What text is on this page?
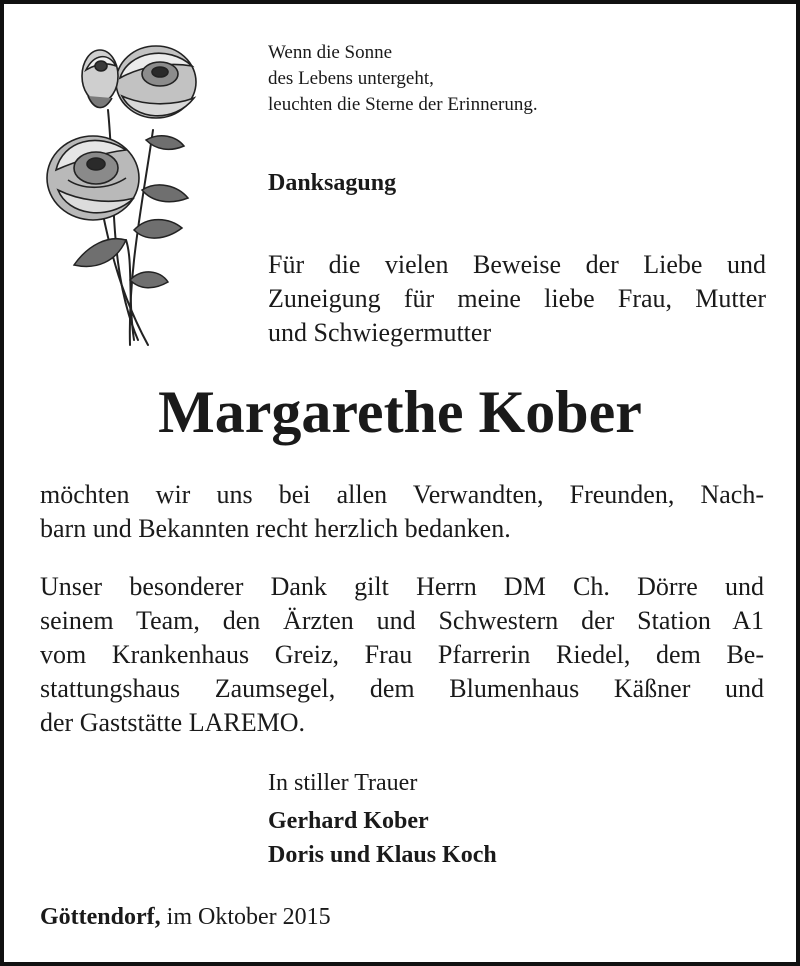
Wenn die Sonne
des Lebens untergeht,
leuchten die Sterne der Erinnerung.
Danksagung
Für die vielen Beweise der Liebe und
Zuneigung für meine liebe Frau, Mutter
und Schwiegermutter
Margarethe Kober
möchten wir uns bei allen Verwandten, Freunden, Nach-
barn und Bekannten recht herzlich bedanken.
Unser besonderer Dank gilt Herrn DM Ch. Dörre und
seinem Team, den Ärzten und Schwestern der Station A1
vom Krankenhaus Greiz, Frau Pfarrerin Riedel, dem Be-
stattungshaus Zaumsegel, dem Blumenhaus Käßner und
der Gaststätte LAREMO.
In stiller Trauer
Gerhard Kober
Doris und Klaus Koch
Göttendorf, im Oktober 2015
